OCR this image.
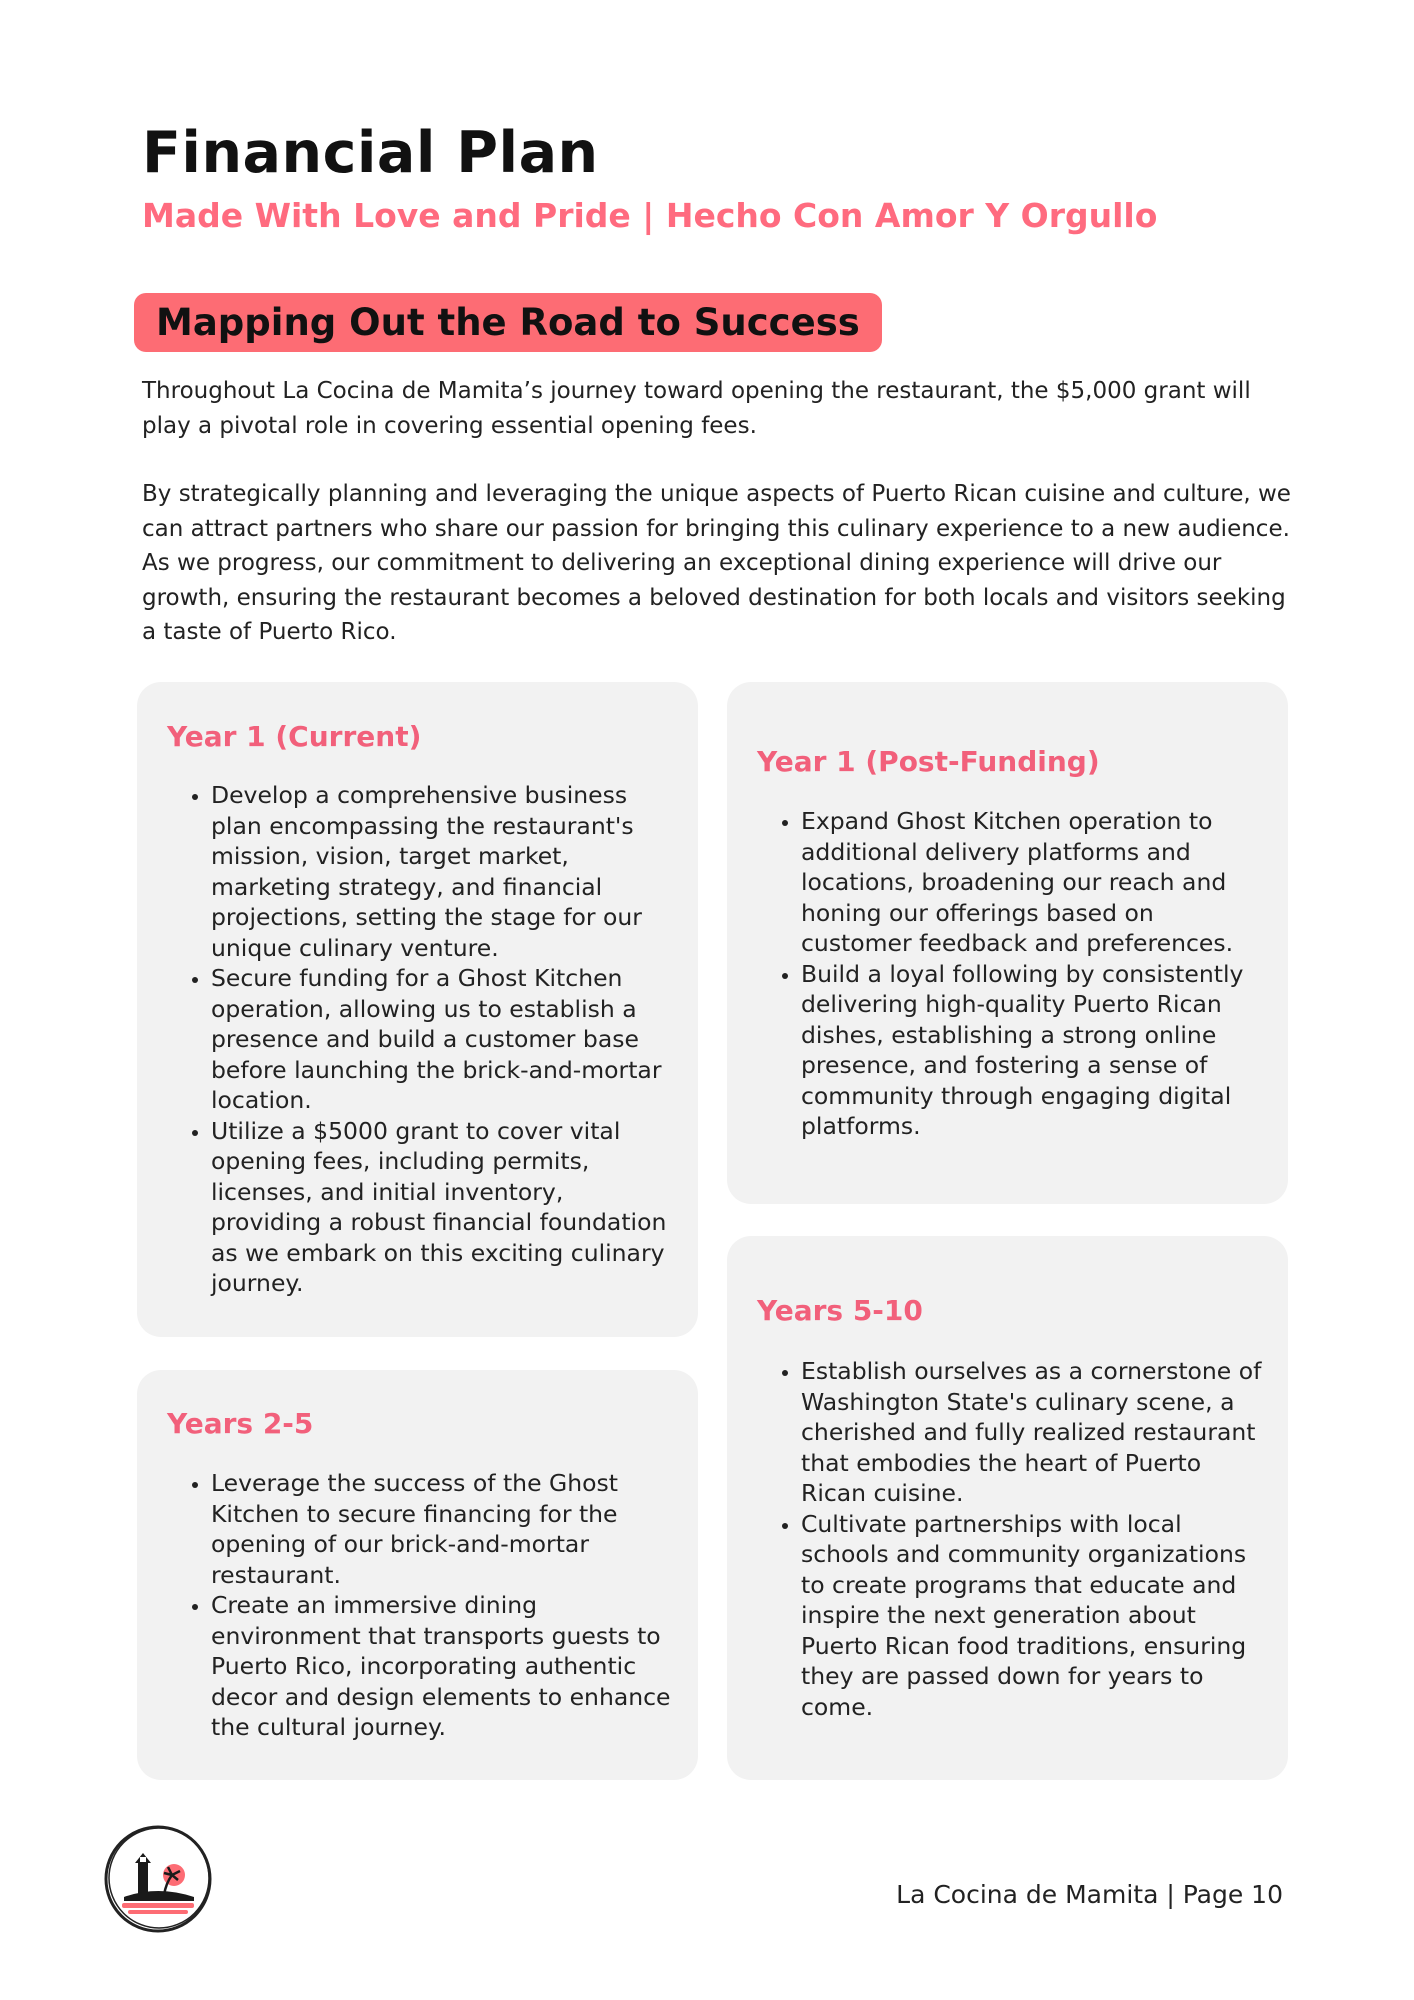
Financial Plan
Made With Love and Pride | Hecho Con Amor Y Orgullo
Mapping Out the Road to Success

Throughout La Cocina de Mamita’s journey toward opening the restaurant, the $5,000 grant will play a pivotal role in covering essential opening fees.

By strategically planning and leveraging the unique aspects of Puerto Rican cuisine and culture, we can attract partners who share our passion for bringing this culinary experience to a new audience. As we progress, our commitment to delivering an exceptional dining experience will drive our growth, ensuring the restaurant becomes a beloved destination for both locals and visitors seeking a taste of Puerto Rico.

Year 1 (Current)
• Develop a comprehensive business plan encompassing the restaurant's mission, vision, target market, marketing strategy, and financial projections, setting the stage for our unique culinary venture.
• Secure funding for a Ghost Kitchen operation, allowing us to establish a presence and build a customer base before launching the brick-and-mortar location.
• Utilize a $5000 grant to cover vital opening fees, including permits, licenses, and initial inventory, providing a robust financial foundation as we embark on this exciting culinary journey.
Year 1 (Post-Funding)
• Expand Ghost Kitchen operation to additional delivery platforms and locations, broadening our reach and honing our offerings based on customer feedback and preferences.
• Build a loyal following by consistently delivering high-quality Puerto Rican dishes, establishing a strong online presence, and fostering a sense of community through engaging digital platforms.
Years 2-5
• Leverage the success of the Ghost Kitchen to secure financing for the opening of our brick-and-mortar restaurant.
• Create an immersive dining environment that transports guests to Puerto Rico, incorporating authentic decor and design elements to enhance the cultural journey.
Years 5-10
• Establish ourselves as a cornerstone of Washington State's culinary scene, a cherished and fully realized restaurant that embodies the heart of Puerto Rican cuisine.
• Cultivate partnerships with local schools and community organizations to create programs that educate and inspire the next generation about Puerto Rican food traditions, ensuring they are passed down for years to come.
La Cocina de Mamita | Page 10
